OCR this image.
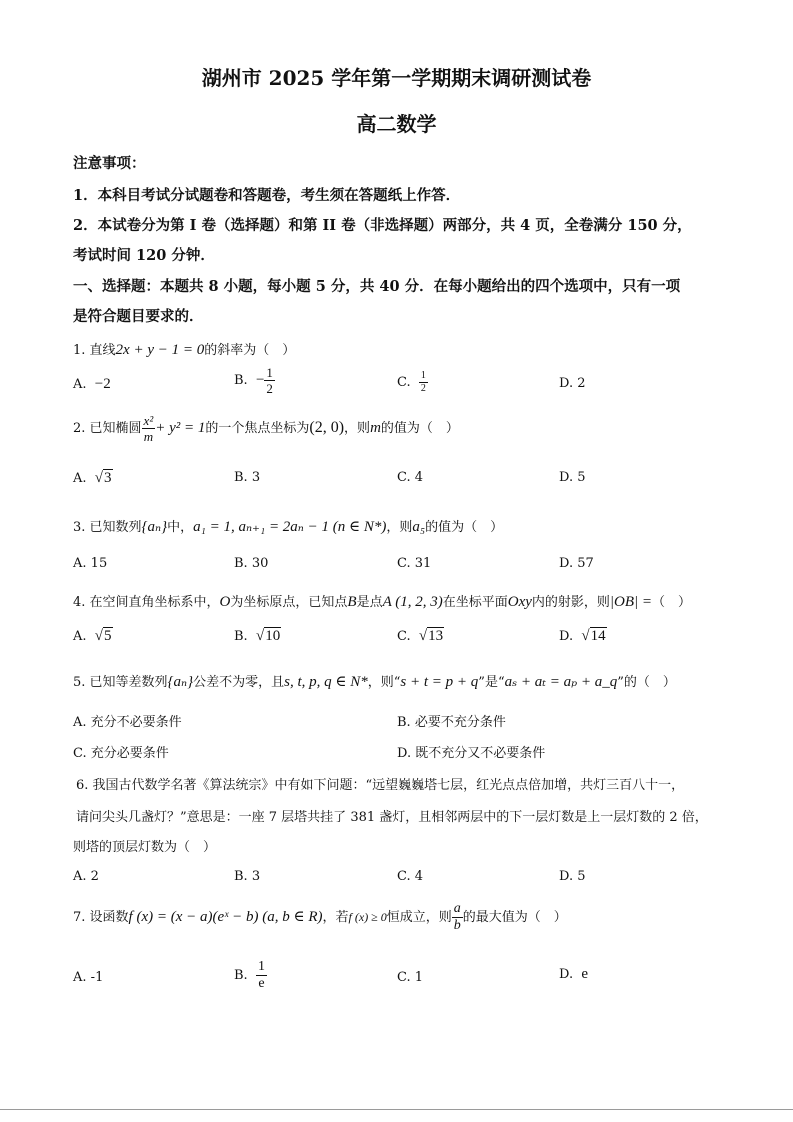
湖州市 2025 学年第一学期期末调研测试卷
高二数学
注意事项：
1．本科目考试分试题卷和答题卷，考生须在答题纸上作答．
2．本试卷分为第 I 卷（选择题）和第 II 卷（非选择题）两部分，共 4 页，全卷满分 150 分，
考试时间 120 分钟．
一、选择题：本题共 8 小题，每小题 5 分，共 40 分．在每小题给出的四个选项中，只有一项
是符合题目要求的．
1. 直线2x + y − 1 = 0的斜率为（　）
A. −2	B. − $\frac{1}{2}$	C. $\frac{1}{2}$	D. 2
2. 已知椭圆 $\frac{\text{x²}}{m} + y^2 = 1$的一个焦点坐标为(2, 0)，则m的值为（　）
A. √3	B. 3	C. 4	D. 5
3. 已知数列{aₙ}中，a₁ = 1, aₙ₊₁ = 2aₙ − 1 (n ∈ N*)，则a₅的值为（　）
A. 15	B. 30	C. 31	D. 57
4. 在空间直角坐标系中，O为坐标原点，已知点B是点A (1, 2, 3)在坐标平面Oxy内的射影，则|OB| =（　）
A. √5	B. √10	C. √13	D. √14
5. 已知等差数列{aₙ}公差不为零，且s, t, p, q ∈ N*，则“s + t = p + q”是“aₛ + aₜ = aₚ + a_q”的（　）
A. 充分不必要条件	B. 必要不充分条件
C. 充分必要条件	D. 既不充分又不必要条件
6. 我国古代数学名著《算法统宗》中有如下问题：“远望巍巍塔七层，红光点点倍加增，共灯三百八十一，
请问尖头几盏灯？”意思是：一座 7 层塔共挂了 381 盏灯，且相邻两层中的下一层灯数是上一层灯数的 2 倍，
则塔的顶层灯数为（　）
A. 2	B. 3	C. 4	D. 5
7. 设函数f (x) = (x − a)(eˣ − b) (a, b ∈ R)，若f (x) ≥ 0恒成立，则 $\frac{a}{b}$ 的最大值为（　）
A. -1	B. $\frac{1}{e}$	C. 1	D. e
